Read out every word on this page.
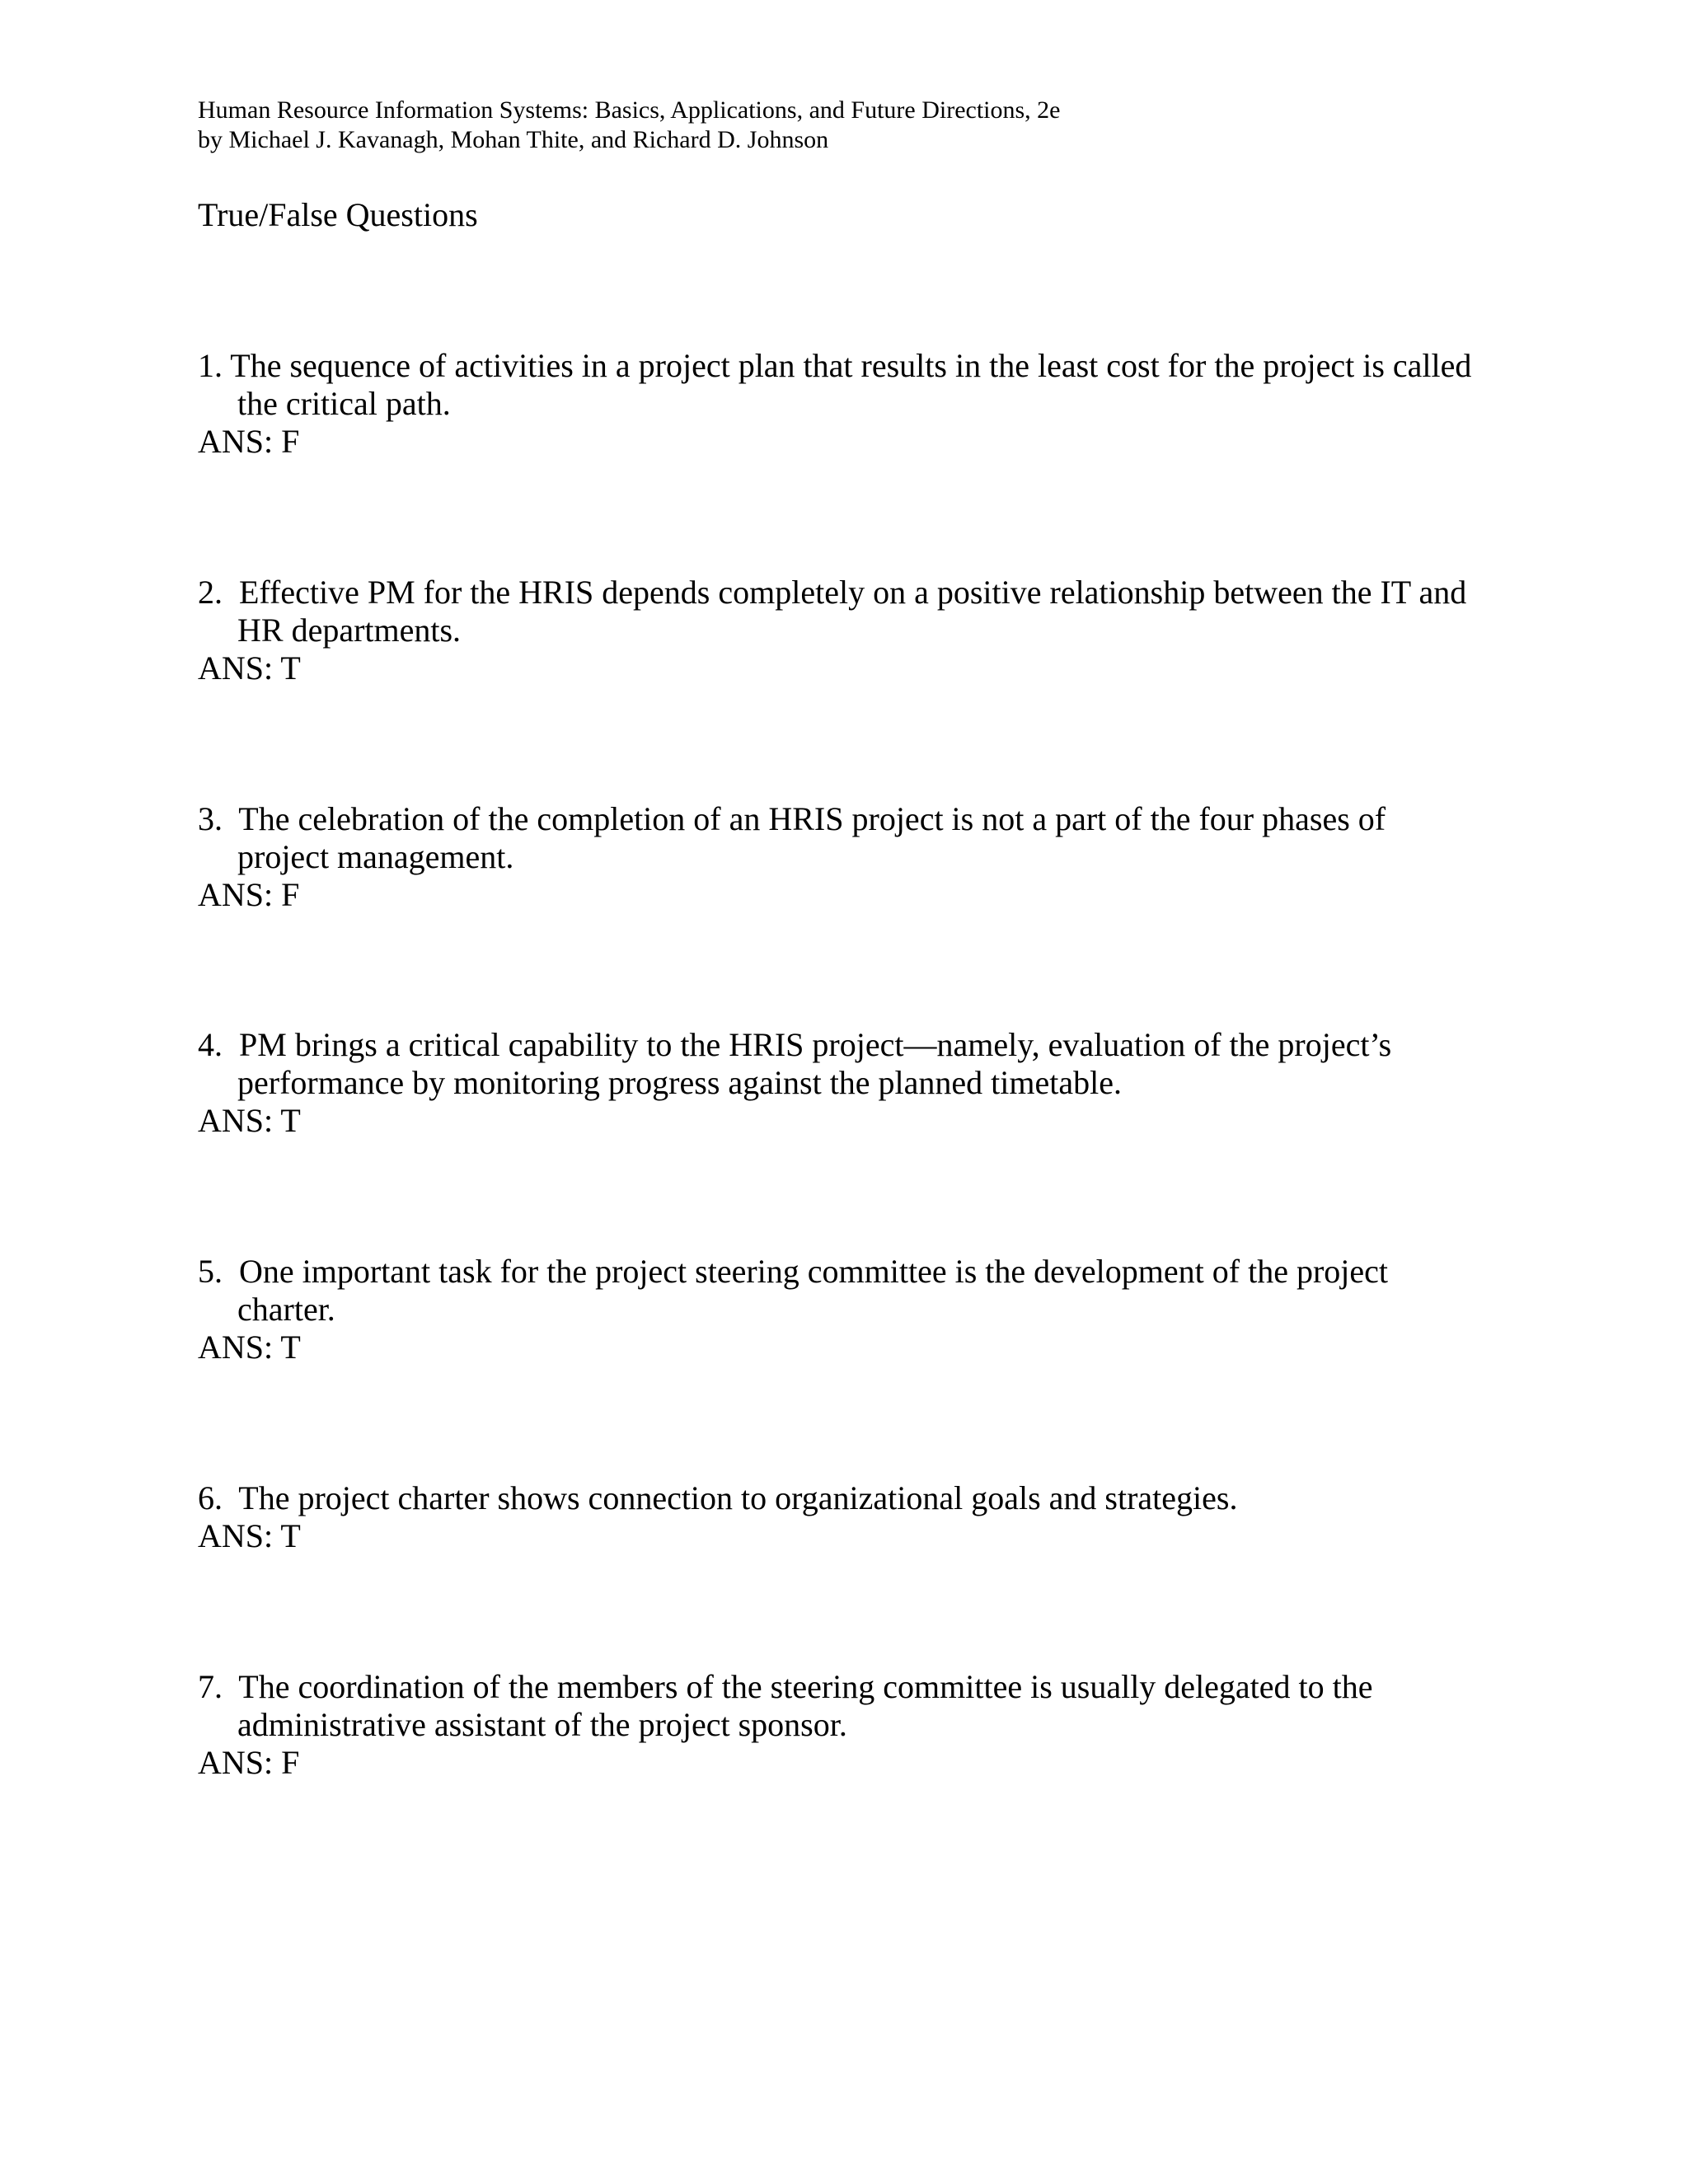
Human Resource Information Systems: Basics, Applications, and Future Directions, 2e
by Michael J. Kavanagh, Mohan Thite, and Richard D. Johnson
True/False Questions
1. The sequence of activities in a project plan that results in the least cost for the project is called
the critical path.
ANS: F
2. Effective PM for the HRIS depends completely on a positive relationship between the IT and
HR departments.
ANS: T
3. The celebration of the completion of an HRIS project is not a part of the four phases of
project management.
ANS: F
4. PM brings a critical capability to the HRIS project—namely, evaluation of the project’s
performance by monitoring progress against the planned timetable.
ANS: T
5. One important task for the project steering committee is the development of the project
charter.
ANS: T
6. The project charter shows connection to organizational goals and strategies.
ANS: T
7. The coordination of the members of the steering committee is usually delegated to the
administrative assistant of the project sponsor.
ANS: F
